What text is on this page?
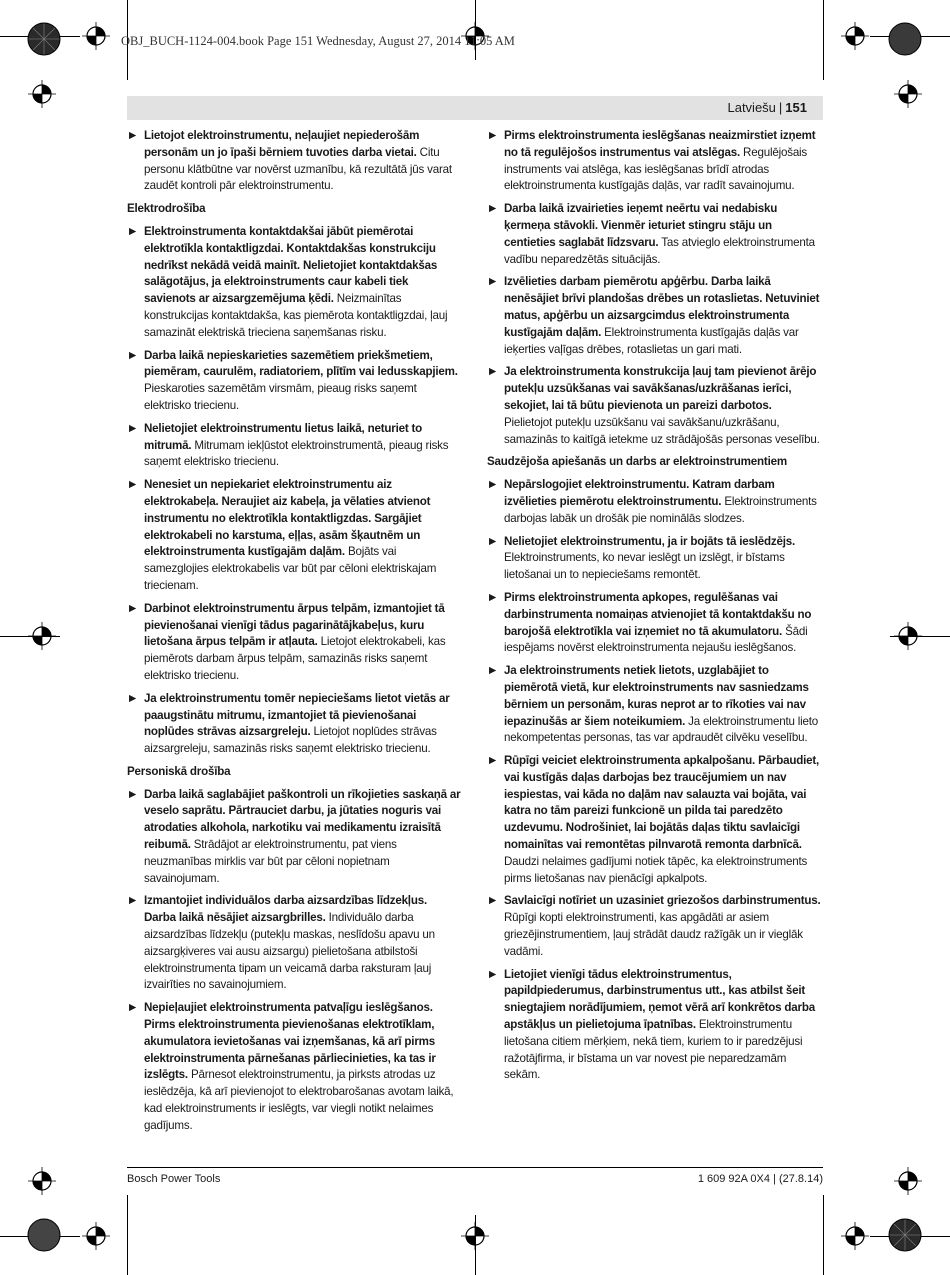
OBJ_BUCH-1124-004.book Page 151 Wednesday, August 27, 2014 11:05 AM
Latviešu | 151
▶ Lietojot elektroinstrumentu, neļaujiet nepiederošām personām un jo īpaši bērniem tuvoties darba vietai. Citu personu klātbūtne var novērst uzmanību, kā rezultātā jūs varat zaudēt kontroli pār elektroinstrumentu.
Elektrodrošība
▶ Elektroinstrumenta kontaktdakšai jābūt piemērotai elektrotīkla kontaktligzdai. Kontaktdakšas konstrukciju nedrīkst nekādā veidā mainīt. Nelietojiet kontaktdakšas salāgotājus, ja elektroinstruments caur kabeli tiek savienots ar aizsargzemējuma ķēdi. Neizmainītas konstrukcijas kontaktdakša, kas piemērota kontaktligzdai, ļauj samazināt elektriskā trieciena saņemšanas risku.
▶ Darba laikā nepieskarieties sazemētiem priekšmetiem, piemēram, caurulēm, radiatoriem, plītīm vai ledusskapjiem. Pieskaroties sazemētām virsmām, pieaug risks saņemt elektrisko triecienu.
▶ Nelietojiet elektroinstrumentu lietus laikā, neturiet to mitrumā. Mitrumam iekļūstot elektroinstrumentā, pieaug risks saņemt elektrisko triecienu.
▶ Nenesiet un nepiekariet elektroinstrumentu aiz elektrokabeļa. Neraujiet aiz kabeļa, ja vēlaties atvienot instrumentu no elektrotīkla kontaktligzdas. Sargājiet elektrokabeli no karstuma, eļļas, asām šķautnēm un elektroinstrumenta kustīgajām daļām. Bojāts vai samezglojies elektrokabelis var būt par cēloni elektriskajam triecienam.
▶ Darbinot elektroinstrumentu ārpus telpām, izmantojiet tā pievienošanai vienīgi tādus pagarinātājkabeļus, kuru lietošana ārpus telpām ir atļauta. Lietojot elektrokabeli, kas piemērots darbam ārpus telpām, samazinās risks saņemt elektrisko triecienu.
▶ Ja elektroinstrumentu tomēr nepieciešams lietot vietās ar paaugstinātu mitrumu, izmantojiet tā pievienošanai noplūdes strāvas aizsargreleju. Lietojot noplūdes strāvas aizsargreleju, samazinās risks saņemt elektrisko triecienu.
Personiskā drošība
▶ Darba laikā saglabājiet paškontroli un rīkojieties saskaņā ar veselo saprātu. Pārtrauciet darbu, ja jūtaties noguris vai atrodaties alkohola, narkotiku vai medikamentu izraisītā reibumā. Strādājot ar elektroinstrumentu, pat viens neuzmanības mirklis var būt par cēloni nopietnam savainojumam.
▶ Izmantojiet individuālos darba aizsardzības līdzekļus. Darba laikā nēsājiet aizsargbrilles. Individuālo darba aizsardzības līdzekļu (putekļu maskas, neslīdošu apavu un aizsargķiveres vai ausu aizsargu) pielietošana atbilstoši elektroinstrumenta tipam un veicamā darba raksturam ļauj izvairīties no savainojumiem.
▶ Nepieļaujiet elektroinstrumenta patvaļīgu ieslēgšanos. Pirms elektroinstrumenta pievienošanas elektrotīklam, akumulatora ievietošanas vai izņemšanas, kā arī pirms elektroinstrumenta pārnešanas pārliecinieties, ka tas ir izslēgts. Pārnesot elektroinstrumentu, ja pirksts atrodas uz ieslēdzēja, kā arī pievienojot to elektrobarošanas avotam laikā, kad elektroinstruments ir ieslēgts, var viegli notikt nelaimes gadījums.
▶ Pirms elektroinstrumenta ieslēgšanas neaizmirstiet izņemt no tā regulējošos instrumentus vai atslēgas. Regulējošais instruments vai atslēga, kas ieslēgšanas brīdī atrodas elektroinstrumenta kustīgajās daļās, var radīt savainojumu.
▶ Darba laikā izvairieties ieņemt neērtu vai nedabisku ķermeņa stāvokli. Vienmēr ieturiet stingru stāju un centieties saglabāt līdzsvaru. Tas atvieglo elektroinstrumenta vadību neparedzētās situācijās.
▶ Izvēlieties darbam piemērotu apģērbu. Darba laikā nenēsājiet brīvi plandošas drēbes un rotaslietas. Netuviniet matus, apģērbu un aizsargcimdus elektroinstrumenta kustīgajām daļām. Elektroinstrumenta kustīgajās daļās var ieķerties vaļīgas drēbes, rotaslietas un gari mati.
▶ Ja elektroinstrumenta konstrukcija ļauj tam pievienot ārējo putekļu uzsūkšanas vai savākšanas/uzkrāšanas ierīci, sekojiet, lai tā būtu pievienota un pareizi darbotos. Pielietojot putekļu uzsūkšanu vai savākšanu/uzkrāšanu, samazinās to kaitīgā ietekme uz strādājošās personas veselību.
Saudzējoša apiešanās un darbs ar elektroinstrumentiem
▶ Nepārslogojiet elektroinstrumentu. Katram darbam izvēlieties piemērotu elektroinstrumentu. Elektroinstruments darbojas labāk un drošāk pie nominālās slodzes.
▶ Nelietojiet elektroinstrumentu, ja ir bojāts tā ieslēdzējs. Elektroinstruments, ko nevar ieslēgt un izslēgt, ir bīstams lietošanai un to nepieciešams remontēt.
▶ Pirms elektroinstrumenta apkopes, regulēšanas vai darbinstrumenta nomaiņas atvienojiet tā kontaktdakšu no barojošā elektrotīkla vai izņemiet no tā akumulatoru. Šādi iespējams novērst elektroinstrumenta nejaušu ieslēgšanos.
▶ Ja elektroinstruments netiek lietots, uzglabājiet to piemērotā vietā, kur elektroinstruments nav sasniedzams bērniem un personām, kuras neprot ar to rīkoties vai nav iepazinušās ar šiem noteikumiem. Ja elektroinstrumentu lieto nekompetentas personas, tas var apdraudēt cilvēku veselību.
▶ Rūpīgi veiciet elektroinstrumenta apkalpošanu. Pārbaudiet, vai kustīgās daļas darbojas bez traucējumiem un nav iespiestas, vai kāda no daļām nav salauzta vai bojāta, vai katra no tām pareizi funkcionē un pilda tai paredzēto uzdevumu. Nodrošiniet, lai bojātās daļas tiktu savlaicīgi nomainītas vai remontētas pilnvarotā remonta darbnīcā. Daudzi nelaimes gadījumi notiek tāpēc, ka elektroinstruments pirms lietošanas nav pienācīgi apkalpots.
▶ Savlaicīgi notīriet un uzasiniet griezošos darbinstrumentus. Rūpīgi kopti elektroinstrumenti, kas apgādāti ar asiem griezējinstrumentiem, ļauj strādāt daudz ražīgāk un ir vieglāk vadāmi.
▶ Lietojiet vienīgi tādus elektroinstrumentus, papildpiederumus, darbinstrumentus utt., kas atbilst šeit sniegtajiem norādījumiem, ņemot vērā arī konkrētos darba apstākļus un pielietojuma īpatnības. Elektroinstrumentu lietošana citiem mērķiem, nekā tiem, kuriem to ir paredzējusi ražotājfirma, ir bīstama un var novest pie neparedzamām sekām.
Bosch Power Tools	1 609 92A 0X4 | (27.8.14)
